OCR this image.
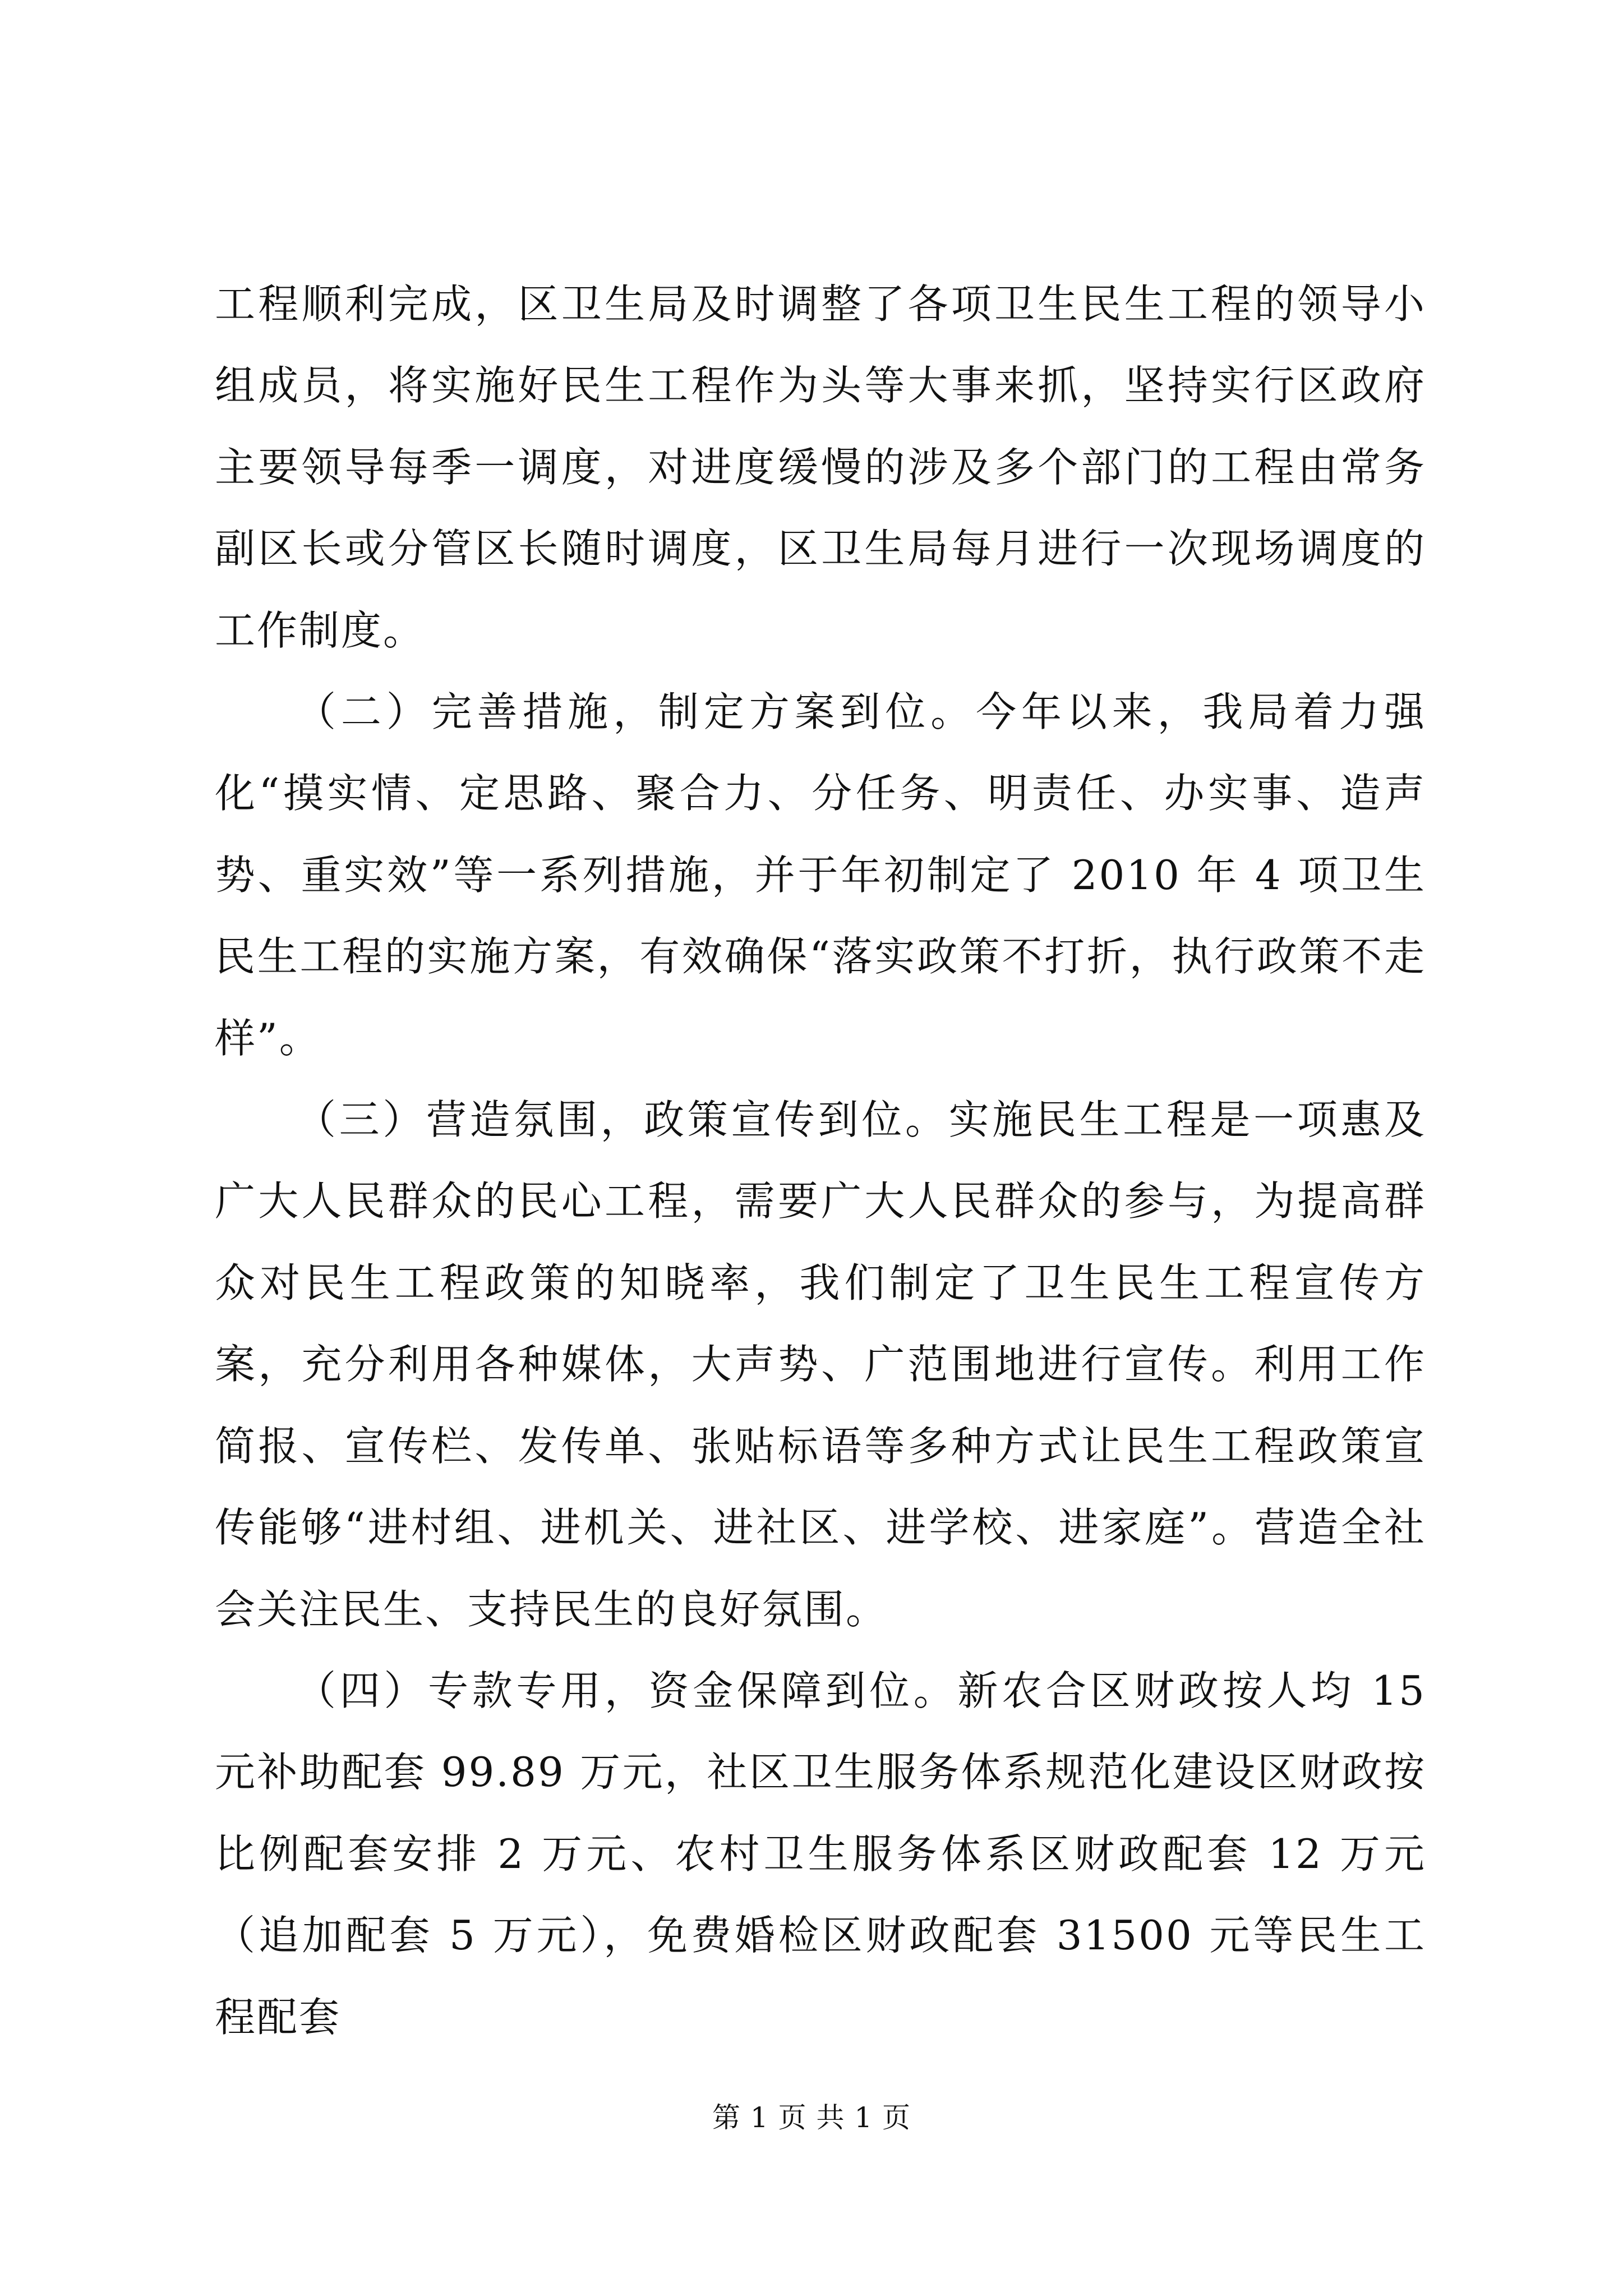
工程顺利完成，区卫生局及时调整了各项卫生民生工程的领导小组成员，将实施好民生工程作为头等大事来抓，坚持实行区政府主要领导每季一调度，对进度缓慢的涉及多个部门的工程由常务副区长或分管区长随时调度，区卫生局每月进行一次现场调度的工作制度。

（二）完善措施，制定方案到位。今年以来，我局着力强化“摸实情、定思路、聚合力、分任务、明责任、办实事、造声势、重实效”等一系列措施，并于年初制定了 2010 年 4 项卫生民生工程的实施方案，有效确保“落实政策不打折，执行政策不走样”。

（三）营造氛围，政策宣传到位。实施民生工程是一项惠及广大人民群众的民心工程，需要广大人民群众的参与，为提高群众对民生工程政策的知晓率，我们制定了卫生民生工程宣传方案，充分利用各种媒体，大声势、广范围地进行宣传。利用工作简报、宣传栏、发传单、张贴标语等多种方式让民生工程政策宣传能够“进村组、进机关、进社区、进学校、进家庭”。营造全社会关注民生、支持民生的良好氛围。

（四）专款专用，资金保障到位。新农合区财政按人均 15 元补助配套 99.89 万元，社区卫生服务体系规范化建设区财政按比例配套安排 2 万元、农村卫生服务体系区财政配套 12 万元（追加配套 5 万元），免费婚检区财政配套 31500 元等民生工程配套

第 1 页 共 1 页
